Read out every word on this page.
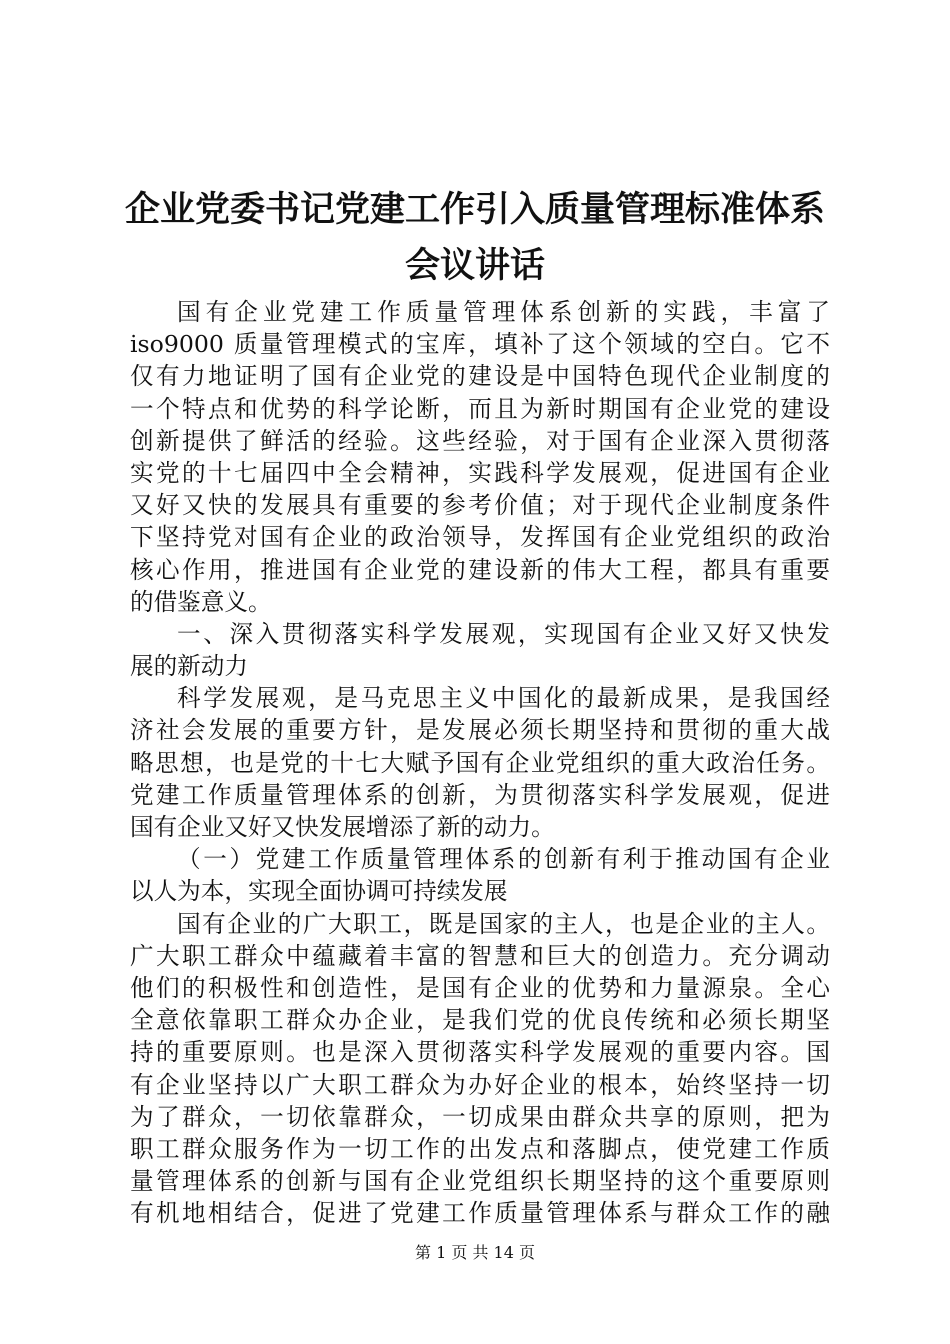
企业党委书记党建工作引入质量管理标准体系
会议讲话
国有企业党建工作质量管理体系创新的实践，丰富了
iso9000 质量管理模式的宝库，填补了这个领域的空白。它不
仅有力地证明了国有企业党的建设是中国特色现代企业制度的
一个特点和优势的科学论断，而且为新时期国有企业党的建设
创新提供了鲜活的经验。这些经验，对于国有企业深入贯彻落
实党的十七届四中全会精神，实践科学发展观，促进国有企业
又好又快的发展具有重要的参考价值；对于现代企业制度条件
下坚持党对国有企业的政治领导，发挥国有企业党组织的政治
核心作用，推进国有企业党的建设新的伟大工程，都具有重要
的借鉴意义。
一、深入贯彻落实科学发展观，实现国有企业又好又快发
展的新动力
科学发展观，是马克思主义中国化的最新成果，是我国经
济社会发展的重要方针，是发展必须长期坚持和贯彻的重大战
略思想，也是党的十七大赋予国有企业党组织的重大政治任务。
党建工作质量管理体系的创新，为贯彻落实科学发展观，促进
国有企业又好又快发展增添了新的动力。
（一）党建工作质量管理体系的创新有利于推动国有企业
以人为本，实现全面协调可持续发展
国有企业的广大职工，既是国家的主人，也是企业的主人。
广大职工群众中蕴藏着丰富的智慧和巨大的创造力。充分调动
他们的积极性和创造性，是国有企业的优势和力量源泉。全心
全意依靠职工群众办企业，是我们党的优良传统和必须长期坚
持的重要原则。也是深入贯彻落实科学发展观的重要内容。国
有企业坚持以广大职工群众为办好企业的根本，始终坚持一切
为了群众，一切依靠群众，一切成果由群众共享的原则，把为
职工群众服务作为一切工作的出发点和落脚点，使党建工作质
量管理体系的创新与国有企业党组织长期坚持的这个重要原则
有机地相结合，促进了党建工作质量管理体系与群众工作的融
第 1 页 共 14 页
